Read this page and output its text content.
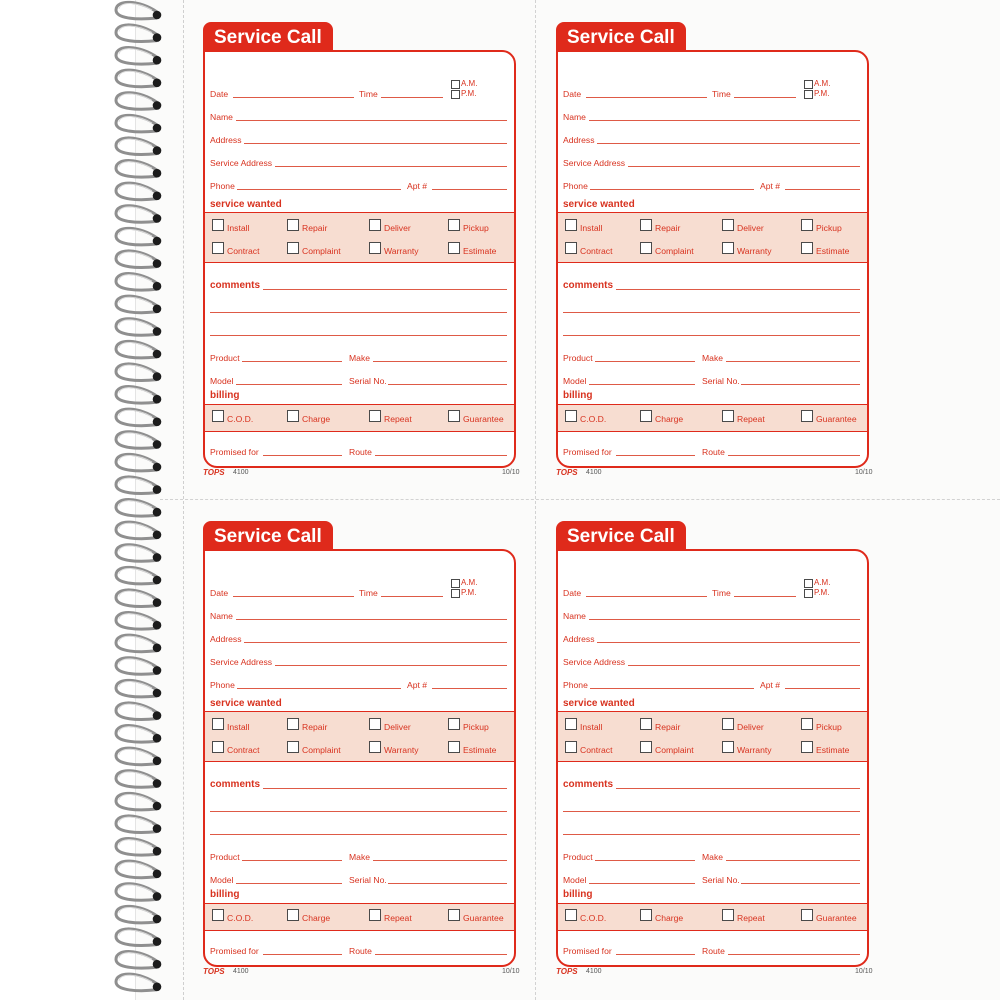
Service Call
Date	Time
A.M.
P.M.
Name
Address
Service Address
Phone	Apt #
service wanted
Install	Repair	Deliver	Pickup
Contract	Complaint	Warranty	Estimate
comments
Product	Make
Model	Serial No.
billing
C.O.D.	Charge	Repeat	Guarantee
Promised for	Route
TOPS 4100	10/10
Service Call
Date	Time
A.M.
P.M.
Name
Address
Service Address
Phone	Apt #
service wanted
Install	Repair	Deliver	Pickup
Contract	Complaint	Warranty	Estimate
comments
Product	Make
Model	Serial No.
billing
C.O.D.	Charge	Repeat	Guarantee
Promised for	Route
TOPS 4100	10/10
Service Call
Date	Time
A.M.
P.M.
Name
Address
Service Address
Phone	Apt #
service wanted
Install	Repair	Deliver	Pickup
Contract	Complaint	Warranty	Estimate
comments
Product	Make
Model	Serial No.
billing
C.O.D.	Charge	Repeat	Guarantee
Promised for	Route
TOPS 4100	10/10
Service Call
Date	Time
A.M.
P.M.
Name
Address
Service Address
Phone	Apt #
service wanted
Install	Repair	Deliver	Pickup
Contract	Complaint	Warranty	Estimate
comments
Product	Make
Model	Serial No.
billing
C.O.D.	Charge	Repeat	Guarantee
Promised for	Route
TOPS 4100	10/10
